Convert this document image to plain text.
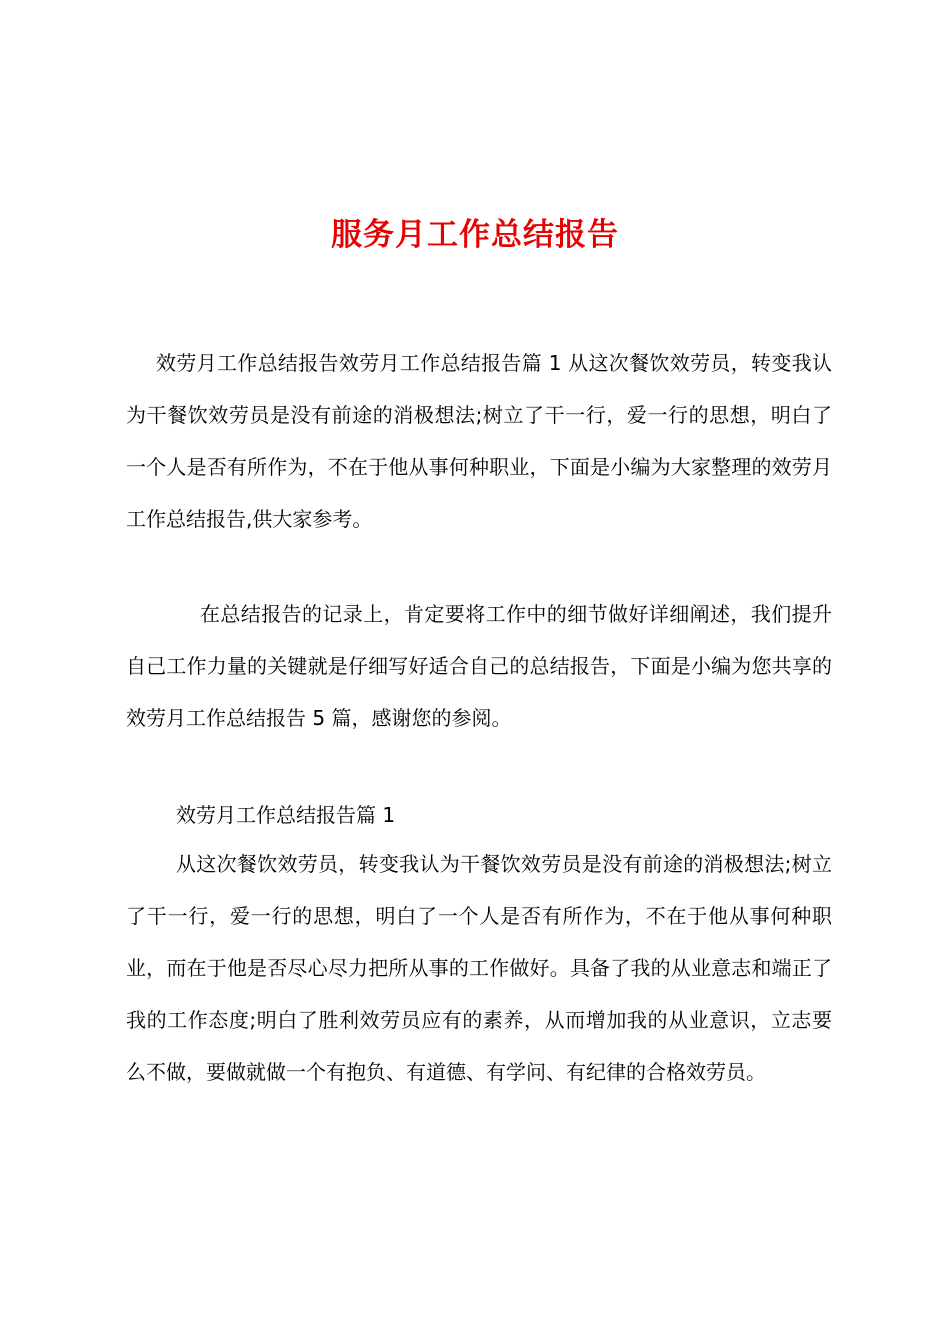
服务月工作总结报告

效劳月工作总结报告效劳月工作总结报告篇 1 从这次餐饮效劳员，转变我认为干餐饮效劳员是没有前途的消极想法;树立了干一行，爱一行的思想，明白了一个人是否有所作为，不在于他从事何种职业，下面是小编为大家整理的效劳月工作总结报告,供大家参考。

在总结报告的记录上，肯定要将工作中的细节做好详细阐述，我们提升自己工作力量的关键就是仔细写好适合自己的总结报告，下面是小编为您共享的效劳月工作总结报告 5 篇，感谢您的参阅。

效劳月工作总结报告篇 1

从这次餐饮效劳员，转变我认为干餐饮效劳员是没有前途的消极想法;树立了干一行，爱一行的思想，明白了一个人是否有所作为，不在于他从事何种职业，而在于他是否尽心尽力把所从事的工作做好。具备了我的从业意志和端正了我的工作态度;明白了胜利效劳员应有的素养，从而增加我的从业意识，立志要么不做，要做就做一个有抱负、有道德、有学问、有纪律的合格效劳员。
